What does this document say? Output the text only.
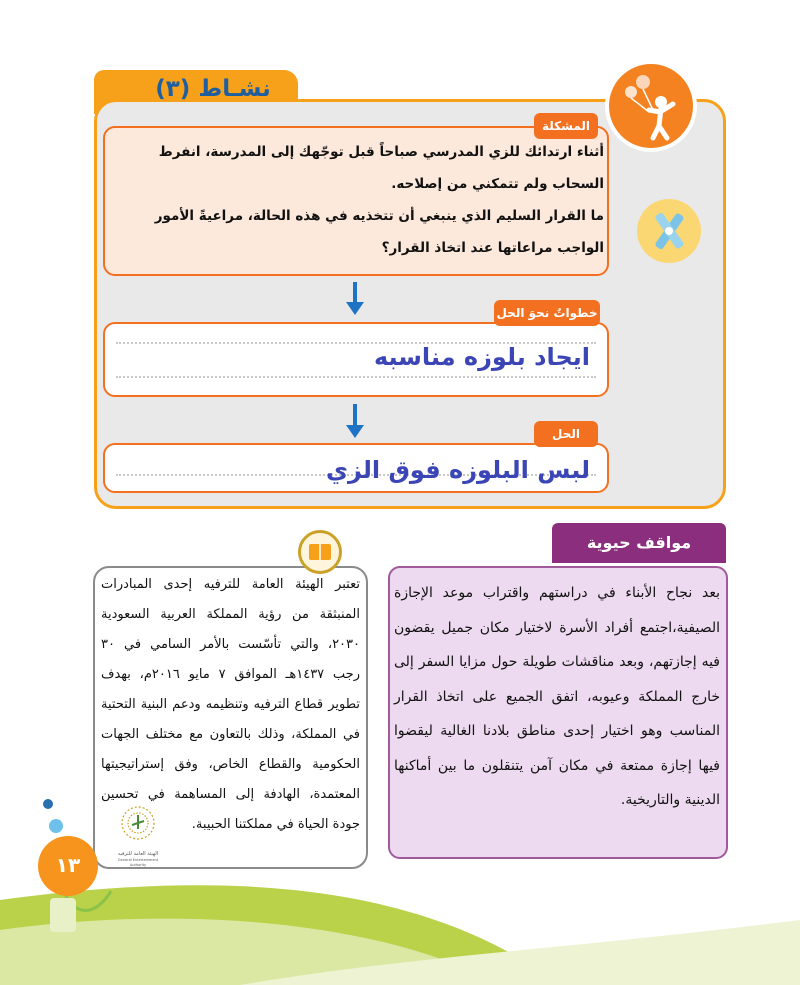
نشـاط (٣)
المشكلة
أثناء ارتدائك للزي المدرسي صباحاً قبل توجّهك إلى المدرسة، انفرط السحاب ولم تتمكني من إصلاحه.
ما القرار السليم الذي ينبغي أن تتخذيه في هذه الحالة، مراعيةً الأمور الواجب مراعاتها عند اتخاذ القرار؟
خطواتٌ نحوَ الحل
ايجاد بلوزه مناسبه
الحل
لبس البلوزه فوق الزي
مواقف حيوية
بعد نجاح الأبناء في دراستهم واقتراب موعد الإجازة الصيفية،اجتمع أفراد الأسرة لاختيار مكان جميل يقضون فيه إجازتهم، وبعد مناقشات طويلة حول مزايا السفر إلى خارج المملكة وعيوبه، اتفق الجميع على اتخاذ القرار المناسب وهو اختيار إحدى مناطق بلادنا الغالية ليقضوا فيها إجازة ممتعة في مكان آمن يتنقلون ما بين أماكنها الدينية والتاريخية.
تعتبر الهيئة العامة للترفيه إحدى المبادرات المنبثقة من رؤية المملكة العربية السعودية ٢٠٣٠، والتي تأسّست بالأمر السامي في ٣٠ رجب ١٤٣٧هـ الموافق ٧ مايو ٢٠١٦م، بهدف تطوير قطاع الترفيه وتنظيمه ودعم البنية التحتية في المملكة، وذلك بالتعاون مع مختلف الجهات الحكومية والقطاع الخاص، وفق إستراتيجيتها المعتمدة، الهادفة إلى المساهمة في تحسين جودة الحياة في مملكتنا الحبيبة.
الهيئة العامة للترفيه
General Entertainment Authority
١٣
